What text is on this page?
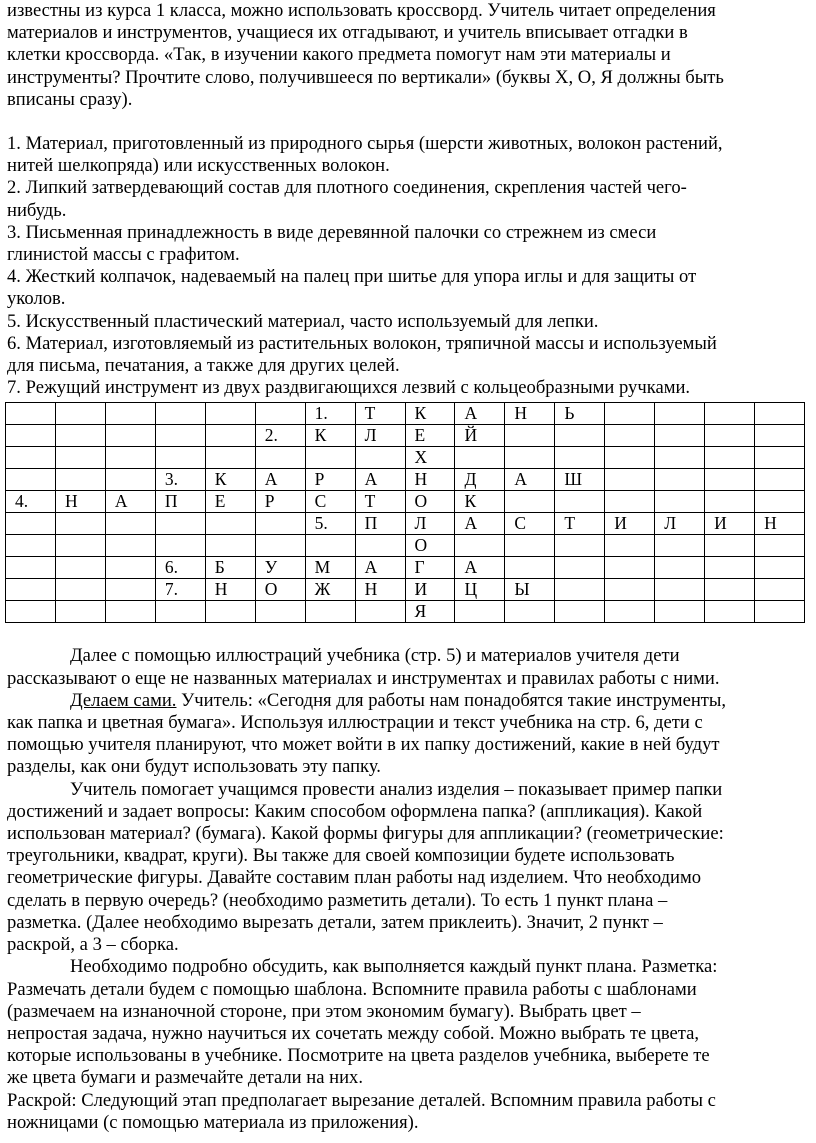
известны из курса 1 класса, можно использовать кроссворд. Учитель читает определения

материалов и инструментов, учащиеся их отгадывают, и учитель вписывает отгадки в

клетки кроссворда. «Так, в изучении какого предмета помогут нам эти материалы и

инструменты? Прочтите слово, получившееся по вертикали» (буквы Х, О, Я должны быть

вписаны сразу).

1. Материал, приготовленный из природного сырья (шерсти животных, волокон растений,

нитей шелкопряда) или искусственных волокон.

2. Липкий затвердевающий состав для плотного соединения, скрепления частей чего-

нибудь.

3. Письменная принадлежность в виде деревянной палочки со стрежнем из смеси

глинистой массы с графитом.

4. Жесткий колпачок, надеваемый на палец при шитье для упора иглы и для защиты от

уколов.

5. Искусственный пластический материал, часто используемый для лепки.

6. Материал, изготовляемый из растительных волокон, тряпичной массы и используемый

для письма, печатания, а также для других целей.

7. Режущий инструмент из двух раздвигающихся лезвий с кольцеобразными ручками.

						1.	Т	К	А	Н	Ь				
					2.	К	Л	Е	Й						
								Х							
			3.	К	А	Р	А	Н	Д	А	Ш				
4.	Н	А	П	Е	Р	С	Т	О	К						
						5.	П	Л	А	С	Т	И	Л	И	Н
								О							
			6.	Б	У	М	А	Г	А						
			7.	Н	О	Ж	Н	И	Ц	Ы					
								Я							

Далее с помощью иллюстраций учебника (стр. 5) и материалов учителя дети

рассказывают о еще не названных материалах и инструментах и правилах работы с ними.

Делаем сами. Учитель: «Сегодня для работы нам понадобятся такие инструменты,

как папка и цветная бумага». Используя иллюстрации и текст учебника на стр. 6, дети с

помощью учителя планируют, что может войти в их папку достижений, какие в ней будут

разделы, как они будут использовать эту папку.

Учитель помогает учащимся провести анализ изделия – показывает пример папки

достижений и задает вопросы: Каким способом оформлена папка? (аппликация). Какой

использован материал? (бумага). Какой формы фигуры для аппликации? (геометрические:

треугольники, квадрат, круги). Вы также для своей композиции будете использовать

геометрические фигуры. Давайте составим план работы над изделием. Что необходимо

сделать в первую очередь? (необходимо разметить детали). То есть 1 пункт плана –

разметка. (Далее необходимо вырезать детали, затем приклеить). Значит, 2 пункт –

раскрой, а 3 – сборка.

Необходимо подробно обсудить, как выполняется каждый пункт плана. Разметка:

Размечать детали будем с помощью шаблона. Вспомните правила работы с шаблонами

(размечаем на изнаночной стороне, при этом экономим бумагу). Выбрать цвет –

непростая задача, нужно научиться их сочетать между собой. Можно выбрать те цвета,

которые использованы в учебнике. Посмотрите на цвета разделов учебника, выберете те

же цвета бумаги и размечайте детали на них.

Раскрой: Следующий этап предполагает вырезание деталей. Вспомним правила работы с

ножницами (с помощью материала из приложения).
